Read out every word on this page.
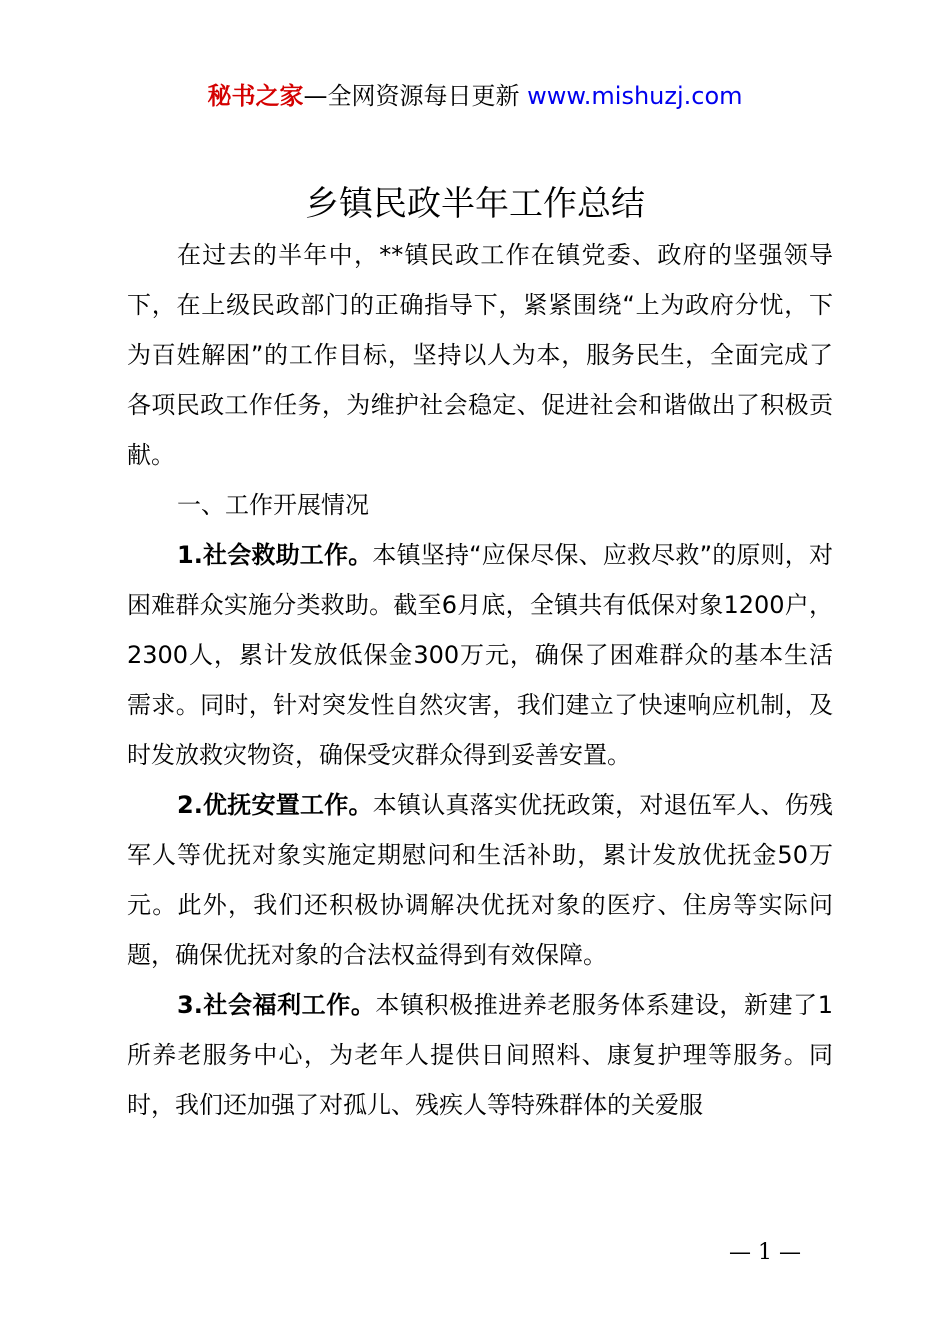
秘书之家—全网资源每日更新 www.mishuzj.com
乡镇民政半年工作总结

在过去的半年中，**镇民政工作在镇党委、政府的坚强领导下，在上级民政部门的正确指导下，紧紧围绕“上为政府分忧，下为百姓解困”的工作目标，坚持以人为本，服务民生，全面完成了各项民政工作任务，为维护社会稳定、促进社会和谐做出了积极贡献。

一、工作开展情况

1.社会救助工作。本镇坚持“应保尽保、应救尽救”的原则，对困难群众实施分类救助。截至6月底，全镇共有低保对象1200户，2300人，累计发放低保金300万元，确保了困难群众的基本生活需求。同时，针对突发性自然灾害，我们建立了快速响应机制，及时发放救灾物资，确保受灾群众得到妥善安置。

2.优抚安置工作。本镇认真落实优抚政策，对退伍军人、伤残军人等优抚对象实施定期慰问和生活补助，累计发放优抚金50万元。此外，我们还积极协调解决优抚对象的医疗、住房等实际问题，确保优抚对象的合法权益得到有效保障。

3.社会福利工作。本镇积极推进养老服务体系建设，新建了1所养老服务中心，为老年人提供日间照料、康复护理等服务。同时，我们还加强了对孤儿、残疾人等特殊群体的关爱服

— 1 —
